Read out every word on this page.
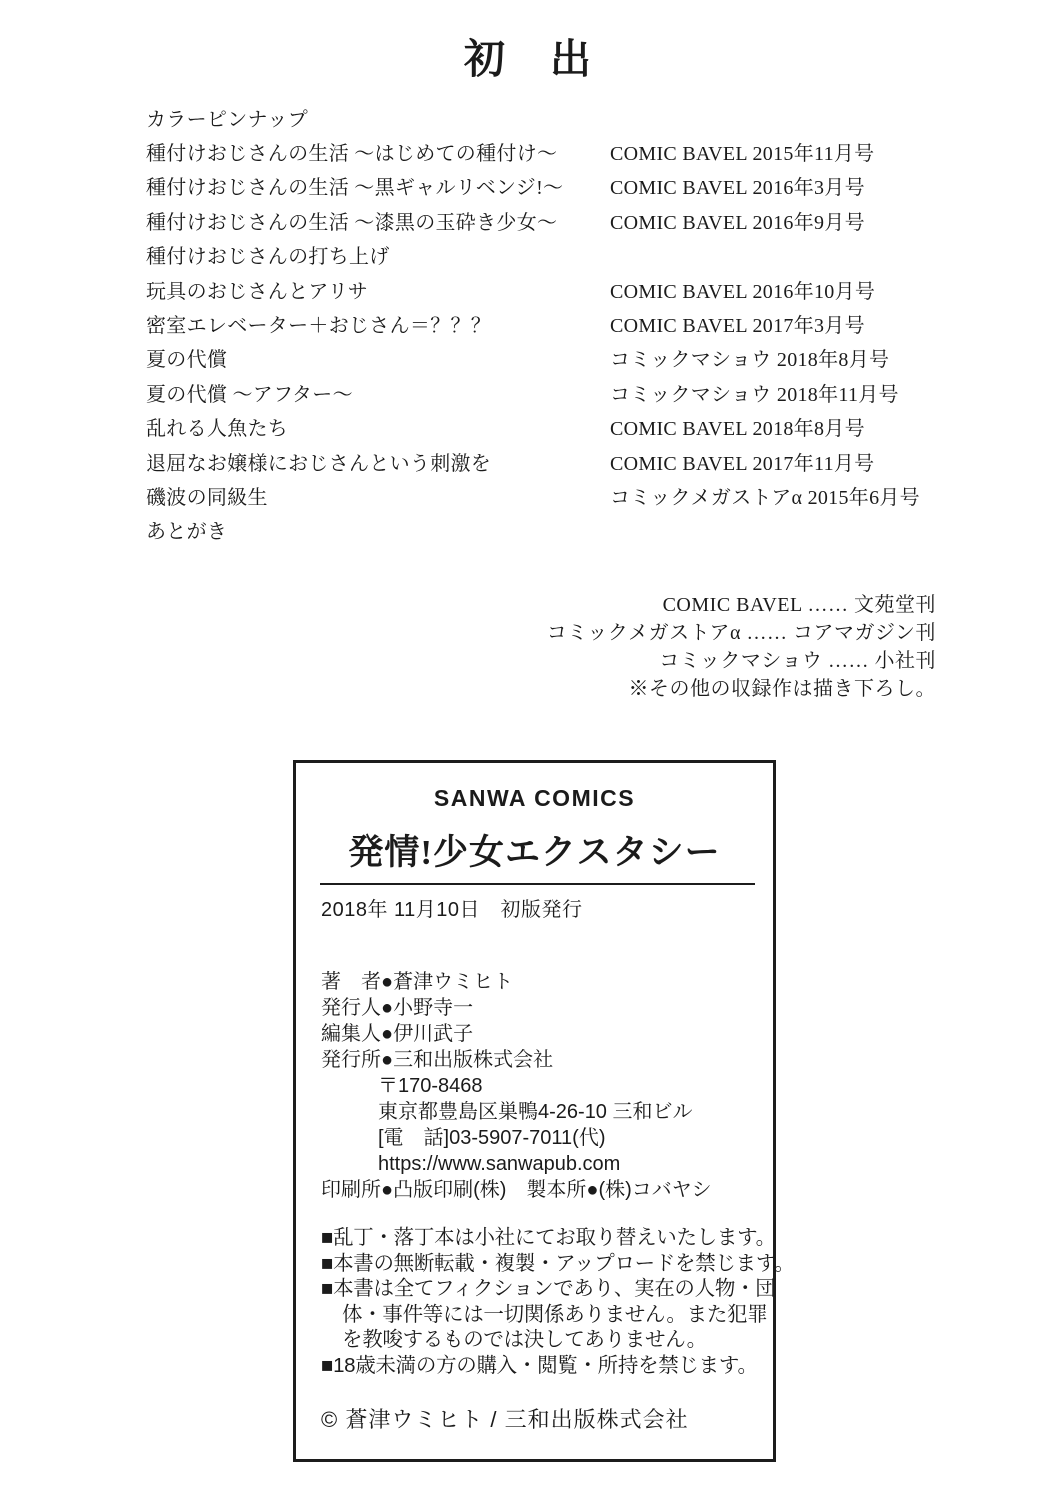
初　出
カラーピンナップ
種付けおじさんの生活 ～はじめての種付け～	COMIC BAVEL 2015年11月号
種付けおじさんの生活 ～黒ギャルリベンジ!～	COMIC BAVEL 2016年3月号
種付けおじさんの生活 ～漆黒の玉砕き少女～	COMIC BAVEL 2016年9月号
種付けおじさんの打ち上げ
玩具のおじさんとアリサ	COMIC BAVEL 2016年10月号
密室エレベーター＋おじさん＝？？？	COMIC BAVEL 2017年3月号
夏の代償	コミックマショウ 2018年8月号
夏の代償 ～アフター～	コミックマショウ 2018年11月号
乱れる人魚たち	COMIC BAVEL 2018年8月号
退屈なお嬢様におじさんという刺激を	COMIC BAVEL 2017年11月号
磯波の同級生	コミックメガストアα 2015年6月号
あとがき
COMIC BAVEL …… 文苑堂刊
コミックメガストアα …… コアマガジン刊
コミックマショウ …… 小社刊
※その他の収録作は描き下ろし。
SANWA COMICS
発情!少女エクスタシー
2018年 11月10日　初版発行
著　者●蒼津ウミヒト
発行人●小野寺一
編集人●伊川武子
発行所●三和出版株式会社
〒170-8468
東京都豊島区巣鴨4-26-10 三和ビル
[電　話]03-5907-7011(代)
https://www.sanwapub.com
印刷所●凸版印刷(株)　製本所●(株)コバヤシ
■乱丁・落丁本は小社にてお取り替えいたします。
■本書の無断転載・複製・アップロードを禁じます。
■本書は全てフィクションであり、実在の人物・団
体・事件等には一切関係ありません。また犯罪
を教唆するものでは決してありません。
■18歳未満の方の購入・閲覧・所持を禁じます。
© 蒼津ウミヒト / 三和出版株式会社
